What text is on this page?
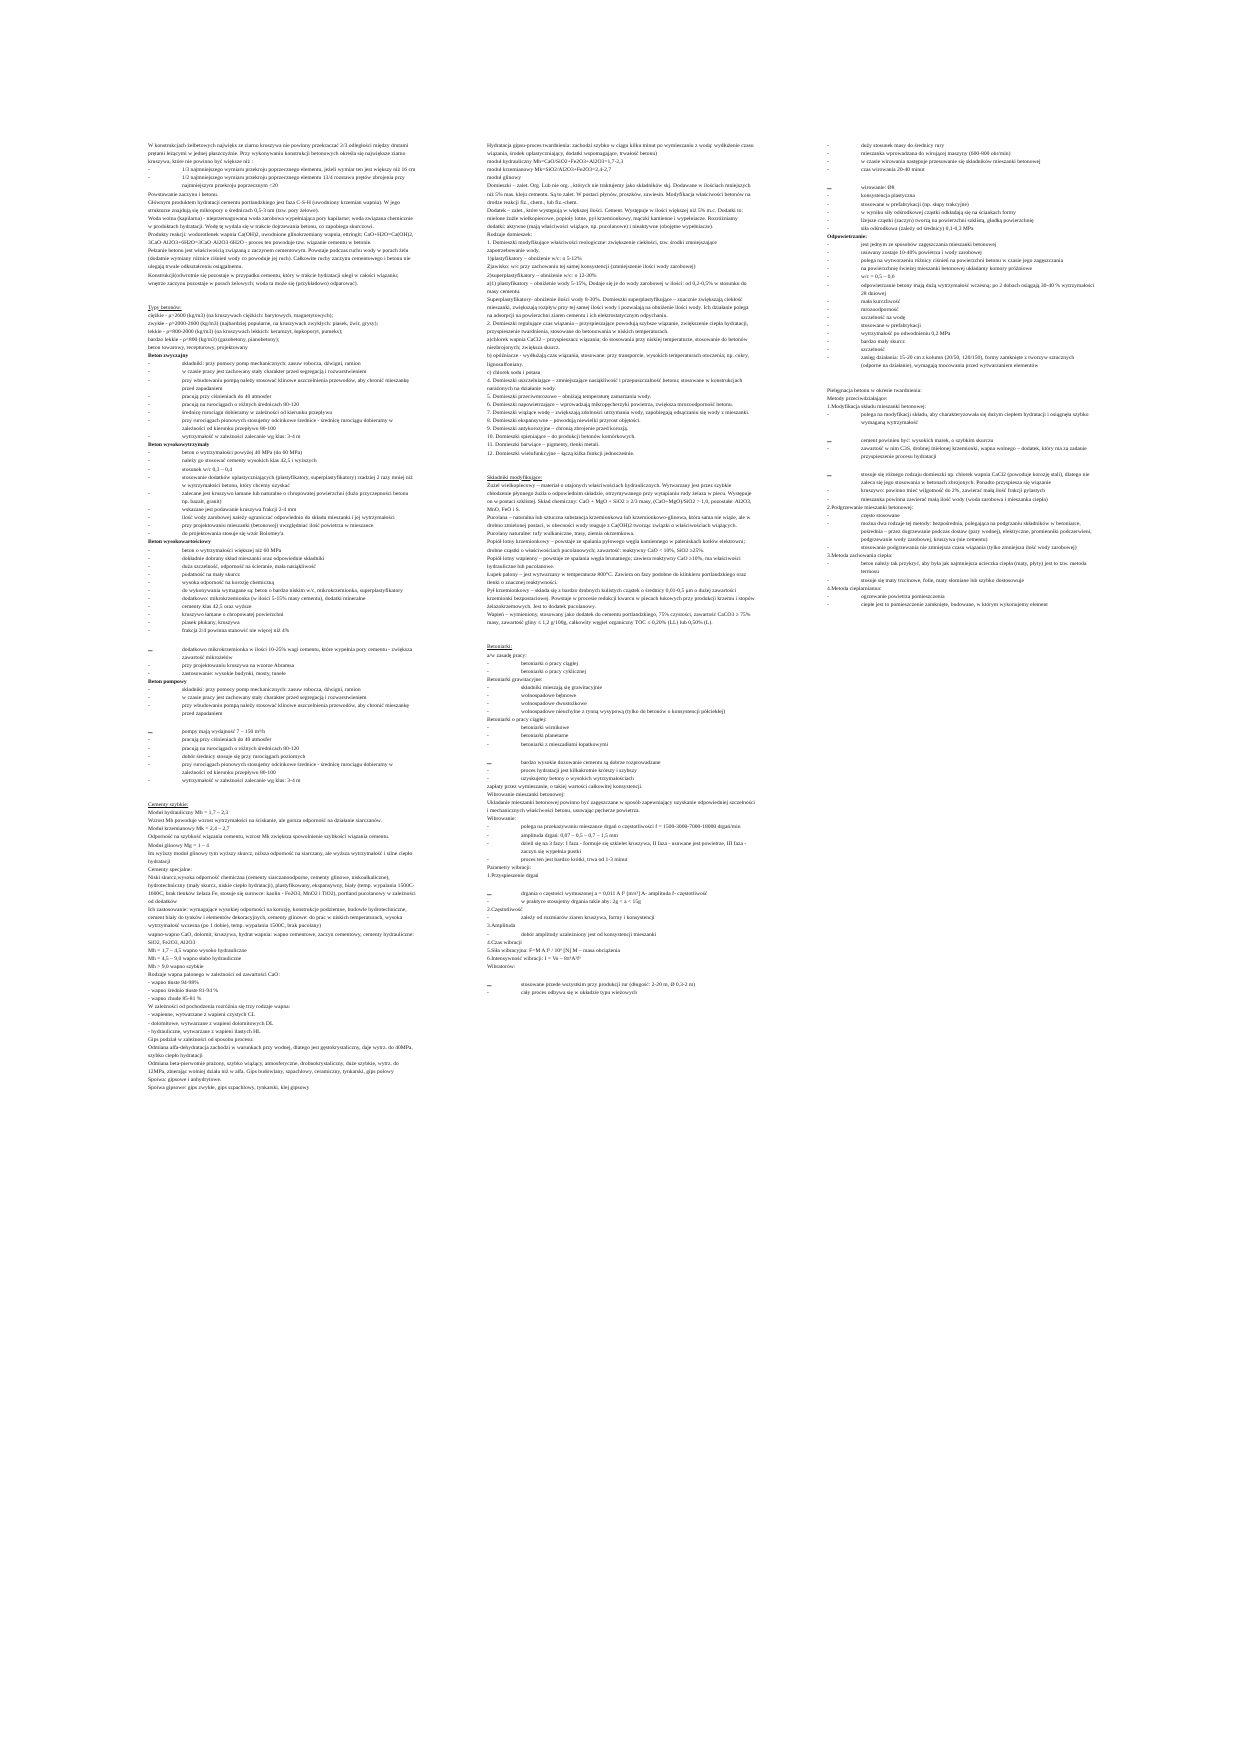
W konstrukcjach żelbetowych najwięks ze ziarno kruszywa nie powinny przekraczać 2/3 odległości między drutami prętami leżącymi w jednej płaszczyźnie. Przy wykonywaniu konstrukcji betonowych określa się największe ziarno kruszywa, które nie powinno być większe niż :

-	1/3 najmniejszego wymiaru przekroju poprzecznego elementu, jeżeli wymiar ten jest większy niż 16 cm
-	1/2 najmniejszego wymiaru przekroju poprzecznego elementu 13/4 rozstawu prętów zbrojenia przy najmniejszym przekroju poprzecznym <20

Powstawanie zaczynu i betonu.

Głównym produktem hydratacji cementu portlandzkiego jest faza C-S-H (uwodniony krzemian wapnia). W jego strukturze znajdują się mikropory o średnicach 0,5-3 nm (tzw. pory żelowe).

Woda wolna (kapilarna) - nieprzereagowana woda zarobowa wypełniająca pory kapilarne; woda związana chemicznie w produktach hydratacji. Wodę tę wydala się w trakcie dojrzewania betonu, co zapobiega skurczowi.

Produkty reakcji: wodorotlenek wapnia Ca(OH)2, uwodnione glinokrzemiany wapnia, ettringit; CaO+H2O=Ca(OH)2, 3CaO·Al2O3+6H2O=3CaO·Al2O3·6H2O - proces ten powoduje tzw. wiązanie cementu w betonie.

Pełzanie betonu jest właściwością związaną z zaczynem cementowym. Powstaje podczas ruchu wody w porach żelu (dodatnie wymiany różnice ciśnień wody co powoduje jej ruch). Całkowite ruchy zaczynu cementowego i betonu nie ulegają trwale odkształceniu osiągalnemu.

Konstrukcji(odwrotnie się pozostaje w przypadku cementu, który w trakcie hydratacji uległ w całości wiązaniu; wnętrze zaczynu pozostaje w porach żelowych; woda ta może się (przykładowo) odparować).

Typy betonów:

ciężkie - ρ>2600 (kg/m3) (na kruszywach ciężkich: barytowych, magnetytowych);

zwykłe - ρ=2000-2600 (kg/m3) (najbardziej popularne, na kruszywach zwykłych: piasek, żwir, grysy);

lekkie - ρ=800-2000 (kg/m3) (na kruszywach lekkich: keramzyt, łupkoporyt, pumeks);

bardzo lekkie - ρ<800 (kg/m3) (gazobetony, pianobetony);

beton towarowy, recepturowy, projektowany

Beton zwyczajny

-	składniki: przy pomocy pomp mechanicznych: zasuw robocza, dźwigni, ramion
-	w czasie pracy jest zachowany stały charakter przed segregacją i rozwarstwieniem
-	przy wbudowaniu pompą należy stosować klinowe uszczelnienia przewodów, aby chronić mieszankę przed zapadaniem
-	pracują przy ciśnieniach do 40 atmosfer
-	pracują na rurociągach o różnych średnicach 80-120
-	średnicę rurociągu dobieramy w zależności od kierunku przepływu
-	przy rurociągach pionowych stosujemy odcinkowe średnice - średnicę rurociągu dobieramy w zależności od kierunku przepływu 80-100
-	wytrzymałość w zależności zalecanie wg klas: 3-4 m

Beton wysokowytrzymały

-	beton o wytrzymałości powyżej 40 MPa (do 60 MPa)
-	należy go stosować cementy wysokich klas 42,5 i wyższych
-	stosunek w/c 0,3 – 0,4
-	stosowanie dodatków uplastyczniających (plastyfikatory, superplastyfikatory) rzadziej 2 razy mniej niż w wytrzymałości betonu, który chcemy uzyskać
-	zalecane jest kruszywo łamane lub naturalne o chropowatej powierzchni (dużo przyczepności betonu np. bazalt, granit)
-	wskazane jest podawanie kruszywa frakcji 2-4 mm
-	ilość wody zarobowej należy ograniczać odpowiednio do składu mieszanki i jej wytrzymałości
-	przy projektowaniu mieszanki (betonowej) uwzględniać ilość powietrza w mieszance
-	do projektowania stosuje się wzór Bolomey'a

Beton wysokowartościowy

-	beton o wytrzymałości większej niż 60 MPa
-	dokładnie dobrany skład mieszanki oraz odpowiednie składniki
-	duża szczelność, odporność na ścieranie, mała nasiąkliwość
-	podatność na mały skurcz
-	wysoka odporność na korozję chemiczną
-	do wykonywania wymagane są: beton o bardzo niskim w/c, mikrokrzemionka, superplastyfikatory
-	dodatkowo: mikrokrzemionka (w ilości 5-15% masy cementu), dodatki mineralne
-	cementy klas 42,5 oraz wyższe
-	kruszywo łamane o chropowatej powierzchni
-	piasek płukany, kruszywa
-	frakcja 2/4 powinna stanowić nie więcej niż 4%
–	dodatkowo mikrokrzemionka w ilości 10-25% wagi cementu, które wypełnia pory cementu - zwiększa zawartość mikrożelów
-	przy projektowaniu kruszywa na wzorze Abramsa
-	zastosowanie: wysokie budynki, mosty, tunele

Beton pompowy

-	składniki: przy pomocy pomp mechanicznych: zasuw robocza, dźwigni, ramion
-	w czasie pracy jest zachowany stały charakter przed segregacją i rozwarstwieniem
-	przy wbudowaniu pompą należy stosować klinowe uszczelnienia przewodów, aby chronić mieszankę przed zapadaniem
–	pompy mają wydajność 7 – 150 m³/h
-	pracują przy ciśnieniach do 40 atmosfer
-	pracują na rurociągach o różnych średnicach 80-120
-	dobór średnicy stosuje się przy rurociągach poziomych
-	przy rurociągach pionowych stosujemy odcinkowe średnice - średnicę rurociągu dobieramy w zależności od kierunku przepływu 80-100
-	wytrzymałość w zależności zalecanie wg klas: 3-4 m

Cementy szybkie:

Moduł hydrauliczny Mh = 1,7 – 2,3

Wzrost Mh powoduje wzrost wytrzymałości na ściskanie, ale gorsza odporność na działanie siarczanów.

Moduł krzemianowy Mk = 2,4 – 2,7

Odporność na szybkość wiązania cementu, wzrost Mk zwiększa spowolnienie szybkości wiązania cementu.

Moduł glinowy Mg = 1 – 4

Im wyższy moduł glinowy tym wyższy skurcz, niższa odporność na siarczany, ale wyższa wytrzymałość i silne ciepło hydratacji

Cementy specjalne:

Niski skurcz,wysoka odporność chemiczna (cementy siarczanoodporne, cementy glinowe, niskoalkaliczne), hydrotechniczny (mały skurcz, niskie ciepło hydratacji), plastyfikowany, ekspansywny, biały (temp. wypalania 1500C-1600C, brak tlenków żelaza Fe, stosuje się surowce: kaolin - Fe2O3, MnO2 i TiO2), portland pucolanowy w zależności od dodatków

Ich zastosowanie: wymagające wysokiej odporności na korozję, konstrukcje podziemne, budowle hydrotechniczne, cement biały do tynków i elementów dekoracyjnych, cementy glinowe: do prac w niskich temperaturach, wysoka wytrzymałość wczesna (po 1 dobie), temp. wypalania 1500C, brak pucolany)

wapno-wapno CaO, dolomit, kruszywa, hydrat wapnia: wapno cementowe, zaczyn cementowy, cementy hydrauliczne: SiO2, Fe2O3, Al2O3

Mh = 1,7 – 4,5 wapno wysoko hydrauliczne

Mh = 4,5 – 9,0 wapno słabo hydrauliczne

Mh > 9,0 wapno szybkie

Rodzaje wapna palonego w zależności od zawartości CaO:

- wapno tłuste 94-98%

- wapno średnio tłuste 81-94 %

- wapno chude 85-81 %

W zależności od pochodzenia rozróżnia się trzy rodzaje wapna:

- wapienne, wytwarzane z wapieni czystych CL

- dolomitowe, wytwarzane z wapieni dolomitowych DL

- hydrauliczne, wytwarzane z wapieni ilastych HL

Gips podział w zależności od sposobu procesu:

Odmiana alfa-dehydratacja zachodzi w warunkach przy wodnej, dlatego jest gęstokrystaliczny, daje wytrz. do 40MPa, szybko ciepło hydratacji

Odmiana beta-pierwotnie prażony, szybko wiążący, atmosferyczne, drobnokrystaliczny, duże szybkie, wytrz. do 12MPa, zbierając wolniej działa niż w alfa. Gips budowlany, szpachlowy, ceramiczny, tynkarski, gips polowy

Spoiwa: gipsowe i anhydrytowe.

Spoiwa gipsowe: gips zwykłe, gips szpachlowy, tynkarski, klej gipsowy

Hydratacja gipsu-proces twardnienia: zachodzi szybko w ciągu kilku minut po wymieszaniu z wodą: wydłużenie czasu wiązania, środek uplastyczniający, dodatki wspomagające, trwałość betonu)

moduł hydrauliczny Mh=CaO/SiO2+Fe2O3+Al2O3=1,7-2,3

moduł krzemianowy Mk=SiO2/Al2O3+Fe2O3=2,4-2,7

moduł glinowy

Domieszki – zalet. Org. Lub nie org. , których nie traktujemy jako składników skj. Dodawane w ilościach mniejszych niż 5% mas. kleju cementu. Są to zalet. W postaci płynów, proszków, zawiesin. Modyfikacja właściwości betonów na drodze reakcji fiz., chem., lub fiz.-chem.

Dodatek – zalet., które występują w większej ilości. Cement. Występuje w ilości większej niż 5% m.c. Dodatki to: mielone żużle wielkopiecowe, popioły lotne, pył krzemionkowy, mączki kamienne i wypełniacze. Rozróżniamy dodatki: aktywne (mają właściwości wiążące, np. pucolanowe) i nieaktywne (obojętne wypełniacze).

Rodzaje domieszek:

1. Domieszki modyfikujące właściwości reologiczne: zwiększenie ciekłości, tzw. środki zmniejszające zapotrzebowanie wody.

1)plastyfikatory – obniżenie w/c: o 5-12%

Zjawisko: w/c przy zachowaniu tej samej konsystencji (zmniejszenie ilości wody zarobowej)

2)superplastyfikatory – obniżenie w/c: o 12-30%

a)1) plastyfikatory – obniżenie wody 5-15%, Dodaje się je do wody zarobowej w ilości: od 0,2-0,5% w stosunku do masy cementu.

Superplastyfikatory- obniżenie ilości wody 8-30%. Domieszki superplastyfikujące – znacznie zwiększają ciekłość mieszanki, zwiększają rozpływ przy tej samej ilości wody i pozwalają na obniżenie ilości wody. Ich działanie polega na adsorpcji na powierzchni ziaren cementu i ich elektrostatycznym odpychaniu.

2. Domieszki regulujące czas wiązania – przyspieszające powodują szybsze wiązanie, zwiększenie ciepła hydratacji, przyspieszenie twardnienia, stosowane do betonowania w niskich temperaturach.

a)chlorek wapnia CaCl2 – przyspieszacz wiązania; do stosowania przy niskiej temperaturze, stosowanie do betonów niezbrojonych; zwiększa skurcz.

b) opóźniacze - wydłużają czas wiązania, stosowane: przy transporcie, wysokich temperaturach otoczenia; np. cukry, lignosulfoniany.

c) chlorek sodu i potasu

4. Domieszki uszczelniające – zmniejszające nasiąkliwość i przepuszczalność betonu; stosowane w konstrukcjach narażonych na działanie wody.

5. Domieszki przeciwmrozowe – obniżają temperaturę zamarzania wody.

6. Domieszki napowietrzające – wprowadzają mikropęcherzyki powietrza, zwiększa mrozoodporność betonu.

7. Domieszki wiążące wodę – zwiększają zdolności utrzymania wody, zapobiegają odsączaniu się wody z mieszanki.

8. Domieszki ekspansywne – powodują niewielki przyrost objętości.

9. Domieszki antykorozyjne – chronią zbrojenie przed korozją.

10. Domieszki spieniające – do produkcji betonów komórkowych.

11. Domieszki barwiące – pigmenty, tlenki metali.

12. Domieszki wielofunkcyjne – łączą kilka funkcji jednocześnie.

Składniki modyfikujące:

Żużel wielkopiecowy – materiał o utajonych właściwościach hydraulicznych. Wytwarzany jest przez szybkie chłodzenie płynnego żużla o odpowiednim składzie, otrzymywanego przy wytapianiu rudy żelaza w piecu. Występuje on w postaci szklistej. Skład chemiczny: CaO + MgO + SiO2 ≥ 2/3 masy, (CaO+MgO)/SiO2 > 1,0, pozostałe: Al2O3, MnO, FeO i S.

Pucolana – naturalna lub sztuczna substancja krzemionkowa lub krzemionkowo-glinowa, która sama nie wiąże, ale w drobno zmielonej postaci, w obecności wody reaguje z Ca(OH)2 tworząc związki o właściwościach wiążących. Pucolany naturalne: tufy wulkaniczne, trasy, ziemia okrzemkowa.

Popiół lotny krzemionkowy – powstaje ze spalania pyłowego węgla kamiennego w paleniskach kotłów elektrowni; drobne cząstki o właściwościach pucolanowych; zawartość: reaktywny CaO < 10%, SiO2 ≥25%.

Popiół lotny wapienny – powstaje ze spalania węgla brunatnego; zawiera reaktywny CaO ≥10%, ma właściwości hydrauliczne lub pucolanowe.

Łupek palony – jest wytwarzany w temperaturze 800°C. Zawiera on fazy podobne do klinkieru portlandzkiego oraz tlenki o znacznej reaktywności.

Pył krzemionkowy – składa się z bardzo drobnych kulistych cząstek o średnicy 0,01-0,5 μm o dużej zawartości krzemionki bezpostaciowej. Powstaje w procesie redukcji kwarcu w piecach łukowych przy produkcji krzemu i stopów żelazokrzemowych. Jest to dodatek pucolanowy.

Wapień – wymieniony, stosowany jako dodatek do cementu portlandzkiego, 75% czystości, zawartość CaCO3 ≥ 75% masy, zawartość gliny ≤ 1,2 g/100g, całkowity węgiel organiczny TOC ≤ 0,20% (LL) lub 0,50% (L).

Betoniarki:

a/w zasadę pracy:

-	betoniarki o pracy ciągłej
-	betoniarki o pracy cyklicznej

Betoniarki grawitacyjne:

-	składniki mieszają się grawitacyjnie
-	wolnospadowe bębnowe
-	wolnospadowe dwustożkowe
-	wolnospadowe nieuchylne z rynną wysypową (tylko do betonów o konsystencji półciekłej)

Betoniarki o pracy ciągłej:

-	betoniarki wirnikowe
-	betoniarki planetarne
-	betoniarki z mieszadłami łopatkowymi
–	bardzo wysokie dozowanie cementu są dobrze rozprowadzane
-	proces hydratacji jest kilkakrotnie krótszy i szybszy
-	uzyskujemy betony o wysokich wytrzymałościach

zapłaty przez wymieszanie, o takiej wartości całkowitej konsystencji.

Wibrowanie mieszanki betonowej:

Układanie mieszanki betonowej powinno być zagęszczane w sposób zapewniający uzyskanie odpowiedniej szczelności i mechanicznych właściwości betonu, usuwając pęcherze powietrza.

Wibrowanie:

-	polega na przekazywaniu mieszance drgań o częstotliwości f = 1500-3000-7000-18000 drgań/min
-	amplituda drgań: 0,07 – 0,5 – 0,7 – 1,5 mm
-	dzieli się na 3 fazy: I faza - formuje się szkielet kruszywa, II faza - usuwane jest powietrze, III faza - zaczyn się wypełnia pustki
-	proces ten jest bardzo krótki, trwa od 1-3 minut

Parametry wibracji:

1.Przyspieszenie drgań

–	drgania o częstości wymuszonej a = 0,011 A f² [m/s²] A- amplituda f- częstotliwość
-	w praktyce stosujemy drgania takie aby: 2g < a < 15g

2.Częstotliwość

-	zależy od rozmiarów ziaren kruszywa, formy i konsystencji

3.Amplituda

-	dobór amplitudy uzależniony jest od konsystencji mieszanki

4.Czas wibracji

5.Siła wibracyjna: F=M A f² / 10⁶ [N] M – masa obciążenia

6.Intensywność wibracji: I = Vo – 8π³A²f³

Wibratorów:

–	stosowane przede wszystkim przy produkcji rur (długość: 2-20 m, Ø 0,3-2 m)
-	cały proces odbywa się w układzie typu wieżowych
-	duży stosunek masy do średnicy rury
-	mieszanka wprowadzana do wirującej maszyny (600-800 obr/min)
-	w czasie wirowania następuje przesuwanie się składników mieszanki betonowej
-	czas wirowania 20-40 minut
–	wirowanie: Ø8
-	konsystencja plastyczna
-	stosowane w prefabrykacji (np. słupy trakcyjne)
-	w wyniku siły odśrodkowej cząstki odkładają się na ściankach formy
-	lżejsze cząstki (zaczyn) tworzą na powierzchni szklistą, gładką powierzchnię
-	siła odśrodkowa (zależy od średnicy) 0,1-0,3 MPa

Odpowietrzanie:

-	jest jednym ze sposobów zagęszczania mieszanki betonowej
-	usuwany zostaje 10-40% powietrza i wody zarobowej
-	polega na wytworzeniu różnicy ciśnień na powierzchni betonu w czasie jego zagęszczania
-	na powierzchnię świeżej mieszanki betonowej układamy komory próżniowe
-	w/c = 0,5 – 0,6
-	odpowietrzanie betony mają dużą wytrzymałość wczesną: po 2 dobach osiągają 30-40 % wytrzymałości 28 dniowej
-	mała kurczliwość
-	mrozoodporność
-	szczelność na wodę
-	stosowane w prefabrykacji
-	wytrzymałość po odwodnieniu 0,2 MPa
-	bardzo mały skurcz
-	szczelność
-	zasięg działania: 15-20 cm z kolumn (20/50, 120/150), formy zamknięte z tworzyw sztucznych (odporne na działanie), wymagają mocowania przed wytwarzaniem elementów

Pielęgnacja betonu w okresie twardnienia:

Metody przeciwdziałające:

1.Modyfikacja składu mieszanki betonowej:

-	polega na modyfikacji składu, aby charakteryzowała się dużym ciepłem hydratacji i osiągnęła szybko wymaganą wytrzymałość
–	cement powinien być: wysokich marek, o szybkim skurczu
-	zawartość w nim C3S, drobnej mielonej krzemionki, wapna wolnego – dodatek, który ma za zadanie przyspieszenie procesu hydratacji
–	stosuje się różnego rodzaju domieszki np. chlorek wapnia CaCl2 (powoduje korozję stali), dlatego nie zaleca się jego stosowania w betonach zbrojonych. Ponadto przyspiesza się wiązanie
-	kruszywo: powinno mieć wilgotność do 2%, zawierać małą ilość frakcji pylastych
-	mieszanka powinna zawierać małą ilość wody (woda zarobowa i mieszanka ciepła)

2.Podgrzewanie mieszanki betonowej:

-	często stosowane
-	można dwa rodzaje tej metody: bezpośrednia, polegająca na podgrzaniu składników w betoniarce, pośrednia – przez dogrzewanie podczas dostaw (pary wodnej), elektryczne, promienniki podczerwieni, podgrzewanie wody zarobowej, kruszywa (nie cementu)
-	stosowanie podgrzewania nie zmniejsza czasu wiązania (tylko zmniejsza ilość wody zarobowej)

3.Metoda zachowania ciepła:

-	beton należy tak przykryć, aby była jak najmniejsza ucieczka ciepła (maty, płyty) jest to tzw. metoda termosu
-	stosuje się maty trzcinowe, folie, maty słomiane lub szybko dostosowuje

4.Metoda cieplarnianna:

-	ogrzewanie powietrza pomieszczenia
-	ciepłe jest to pomieszczenie zamknięte, budowane, w którym wykonujemy element
